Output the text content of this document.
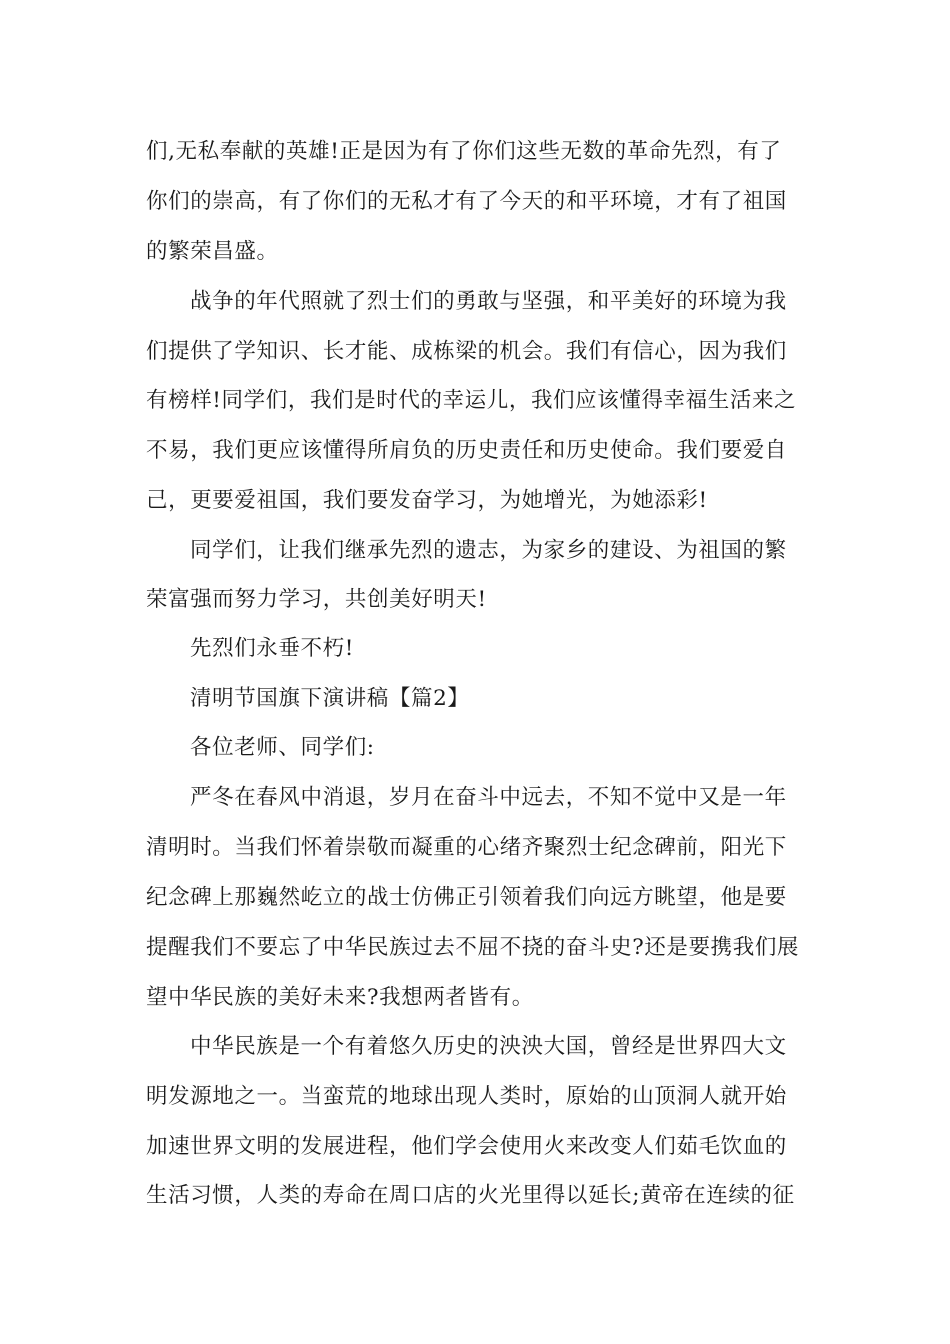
们,无私奉献的英雄!正是因为有了你们这些无数的革命先烈，有了
你们的崇高，有了你们的无私才有了今天的和平环境，才有了祖国
的繁荣昌盛。
战争的年代照就了烈士们的勇敢与坚强，和平美好的环境为我
们提供了学知识、长才能、成栋梁的机会。我们有信心，因为我们
有榜样!同学们，我们是时代的幸运儿，我们应该懂得幸福生活来之
不易，我们更应该懂得所肩负的历史责任和历史使命。我们要爱自
己，更要爱祖国，我们要发奋学习，为她增光，为她添彩!
同学们，让我们继承先烈的遗志，为家乡的建设、为祖国的繁
荣富强而努力学习，共创美好明天!
先烈们永垂不朽!
清明节国旗下演讲稿【篇2】
各位老师、同学们:
严冬在春风中消退，岁月在奋斗中远去，不知不觉中又是一年
清明时。当我们怀着崇敬而凝重的心绪齐聚烈士纪念碑前，阳光下
纪念碑上那巍然屹立的战士仿佛正引领着我们向远方眺望，他是要
提醒我们不要忘了中华民族过去不屈不挠的奋斗史?还是要携我们展
望中华民族的美好未来?我想两者皆有。
中华民族是一个有着悠久历史的泱泱大国，曾经是世界四大文
明发源地之一。当蛮荒的地球出现人类时，原始的山顶洞人就开始
加速世界文明的发展进程，他们学会使用火来改变人们茹毛饮血的
生活习惯，人类的寿命在周口店的火光里得以延长;黄帝在连续的征
